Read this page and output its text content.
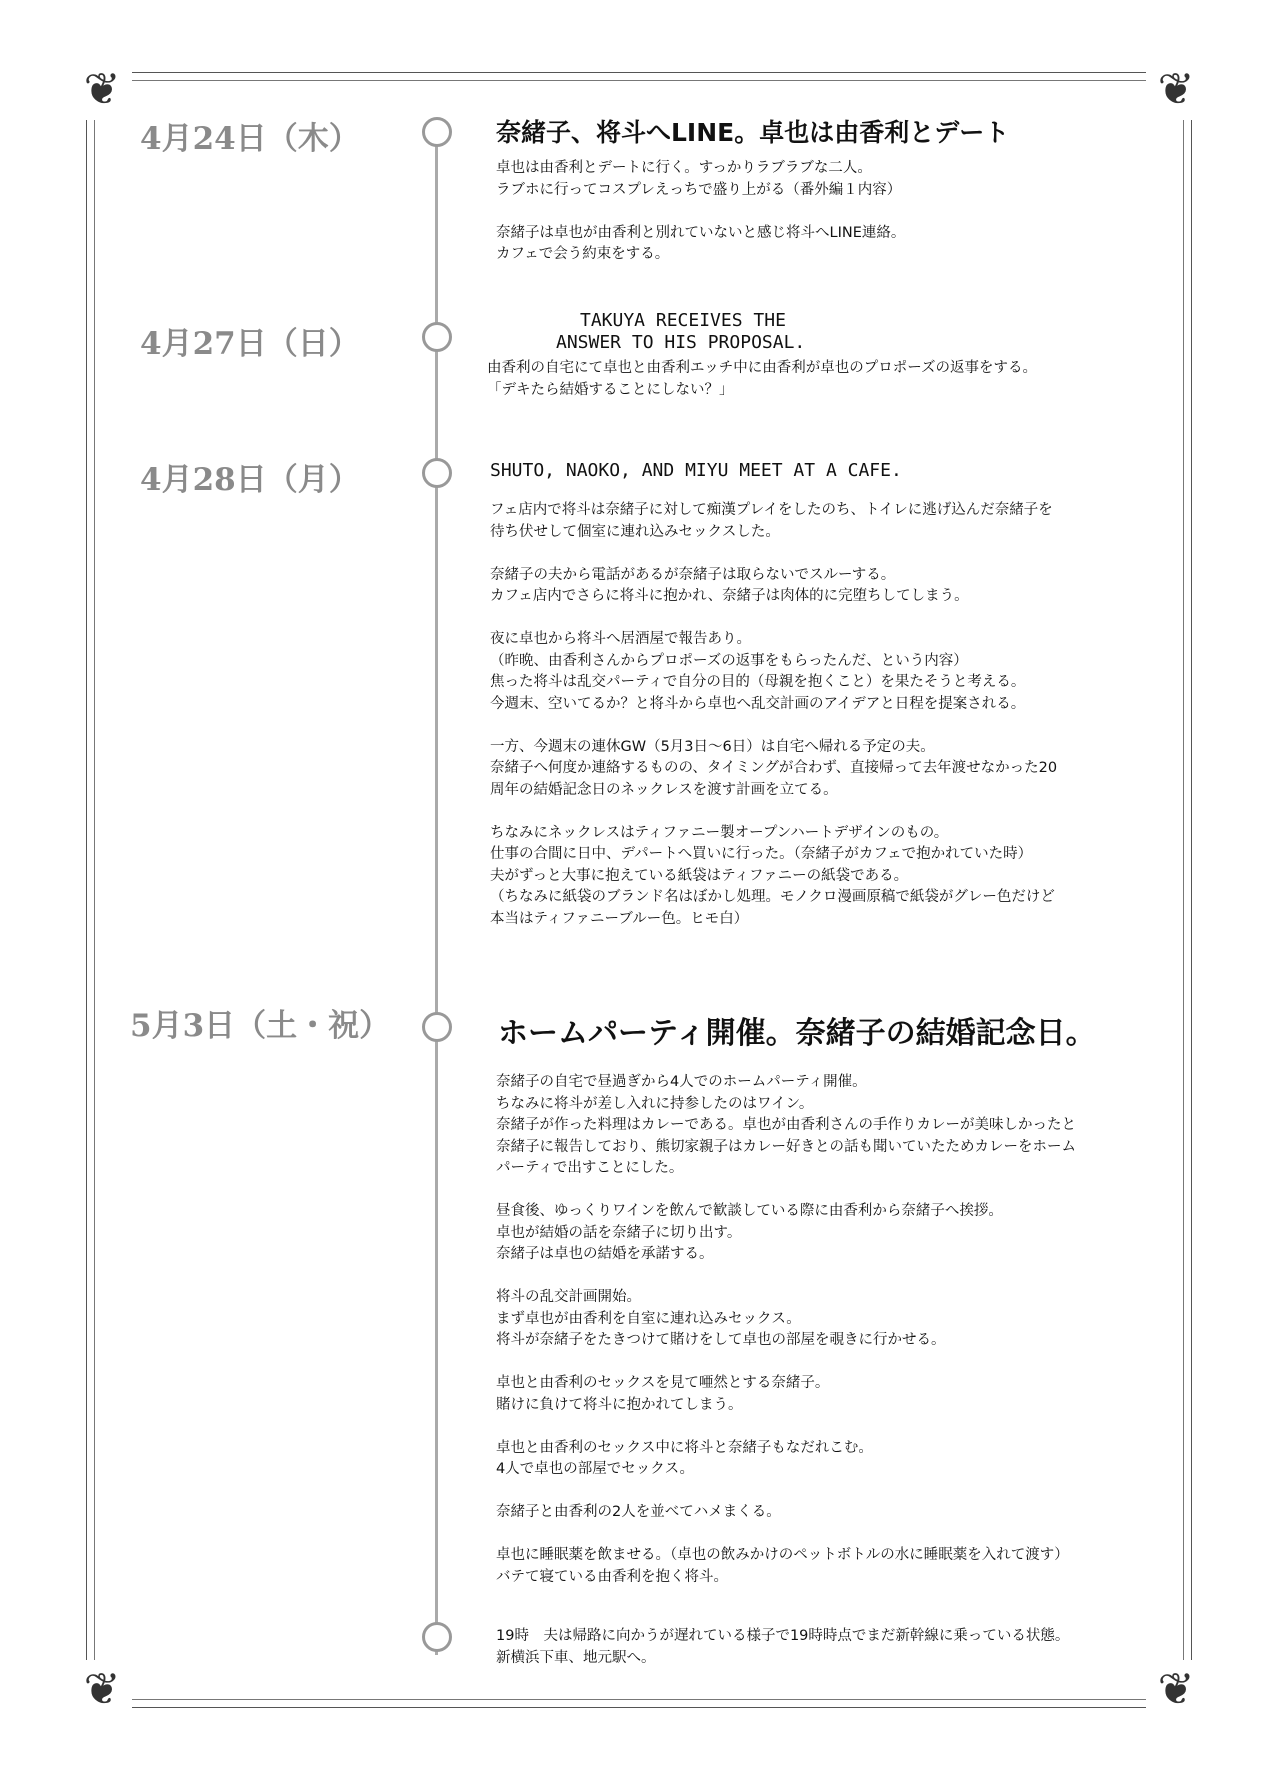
❦	❦
❦	❦
4月24日（木）	奈緒子、将斗へLINE。卓也は由香利とデート
卓也は由香利とデートに行く。すっかりラブラブな二人。
ラブホに行ってコスプレえっちで盛り上がる（番外編１内容）

奈緒子は卓也が由香利と別れていないと感じ将斗へLINE連絡。
カフェで会う約束をする。
4月27日（日）
TAKUYA RECEIVES THE
ANSWER TO HIS PROPOSAL.
由香利の自宅にて卓也と由香利エッチ中に由香利が卓也のプロポーズの返事をする。
「デキたら結婚することにしない？」
4月28日（月）	SHUTO, NAOKO, AND MIYU MEET AT A CAFE.
フェ店内で将斗は奈緒子に対して痴漢プレイをしたのち、トイレに逃げ込んだ奈緒子を
待ち伏せして個室に連れ込みセックスした。

奈緒子の夫から電話があるが奈緒子は取らないでスルーする。
カフェ店内でさらに将斗に抱かれ、奈緒子は肉体的に完堕ちしてしまう。

夜に卓也から将斗へ居酒屋で報告あり。
（昨晩、由香利さんからプロポーズの返事をもらったんだ、という内容）
焦った将斗は乱交パーティで自分の目的（母親を抱くこと）を果たそうと考える。
今週末、空いてるか？と将斗から卓也へ乱交計画のアイデアと日程を提案される。

一方、今週末の連休GW（5月3日〜6日）は自宅へ帰れる予定の夫。
奈緒子へ何度か連絡するものの、タイミングが合わず、直接帰って去年渡せなかった20
周年の結婚記念日のネックレスを渡す計画を立てる。

ちなみにネックレスはティファニー製オープンハートデザインのもの。
仕事の合間に日中、デパートへ買いに行った。（奈緒子がカフェで抱かれていた時）
夫がずっと大事に抱えている紙袋はティファニーの紙袋である。
（ちなみに紙袋のブランド名はぼかし処理。モノクロ漫画原稿で紙袋がグレー色だけど
本当はティファニーブルー色。ヒモ白）
5月3日（土・祝）	ホームパーティ開催。奈緒子の結婚記念日。
奈緒子の自宅で昼過ぎから4人でのホームパーティ開催。
ちなみに将斗が差し入れに持参したのはワイン。
奈緒子が作った料理はカレーである。卓也が由香利さんの手作りカレーが美味しかったと
奈緒子に報告しており、熊切家親子はカレー好きとの話も聞いていたためカレーをホーム
パーティで出すことにした。

昼食後、ゆっくりワインを飲んで歓談している際に由香利から奈緒子へ挨拶。
卓也が結婚の話を奈緒子に切り出す。
奈緒子は卓也の結婚を承諾する。

将斗の乱交計画開始。
まず卓也が由香利を自室に連れ込みセックス。
将斗が奈緒子をたきつけて賭けをして卓也の部屋を覗きに行かせる。

卓也と由香利のセックスを見て唖然とする奈緒子。
賭けに負けて将斗に抱かれてしまう。

卓也と由香利のセックス中に将斗と奈緒子もなだれこむ。
4人で卓也の部屋でセックス。

奈緒子と由香利の2人を並べてハメまくる。

卓也に睡眠薬を飲ませる。（卓也の飲みかけのペットボトルの水に睡眠薬を入れて渡す）
バテて寝ている由香利を抱く将斗。
19時　夫は帰路に向かうが遅れている様子で19時時点でまだ新幹線に乗っている状態。
新横浜下車、地元駅へ。
